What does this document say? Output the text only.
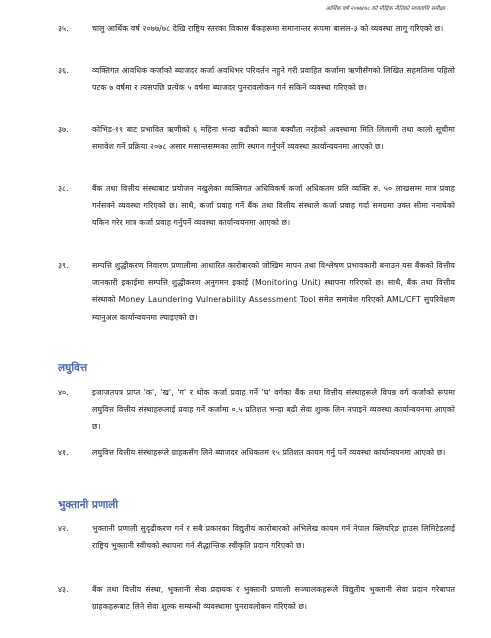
आर्थिक वर्ष २०७७/७८ को मौद्रिक नीतिको मध्यावधि समीक्षा
३५.	चालु आर्थिक वर्ष २०७७/७८ देखि राष्ट्रिय स्तरका विकास बैंकहरूमा समानान्तर रूपमा बासल-३ को व्यवस्था लागू गरिएको छ।
३६.	व्यक्तिगत आवधिक कर्जाको ब्याजदर कर्जा अवधिभर परिवर्तन नहुने गरी प्रवाहित कर्जामा ऋणीसँगको लिखित सहमतिमा पहिलो पटक ७ वर्षमा र त्यसपछि प्रत्येक ५ वर्षमा ब्याजदर पुनरावलोकन गर्न सकिने व्यवस्था गरिएको छ।
३७.	कोभिड-१९ बाट प्रभावित ऋणीको ६ महिना भन्दा बढीको ब्याज बक्यौता नरहेको अवस्थामा मिति लिलामी तथा कालो सूचीमा समावेश गर्ने प्रक्रिया २०७८ असार मसान्तसम्मका लागि स्थगन गर्नुपर्ने व्यवस्था कार्यान्वयनमा आएको छ।
३८.	बैंक तथा वित्तीय संस्थाबाट प्रयोजन नखुलेका व्यक्तिगत अधिविकर्ष कर्जा अधिकतम प्रति व्यक्ति रु. ५० लाखसम्म मात्र प्रवाह गर्नसक्ने व्यवस्था गरिएको छ। साथै, कर्जा प्रवाह गर्ने बैंक तथा वित्तीय संस्थाले कर्जा प्रवाह गर्दा समग्रमा उक्त सीमा ननाघेको यकिन गरेर मात्र कर्जा प्रवाह गर्नुपर्ने व्यवस्था कार्यान्वयनमा आएको छ।
३९.	सम्पत्ति शुद्धीकरण निवारण प्रणालीमा आधारित कारोबारको जोखिम मापन तथा विश्लेषण प्रभावकारी बनाउन यस बैंकको वित्तीय जानकारी इकाईमा सम्पत्ति शुद्धीकरण अनुगमन इकाई (Monitoring Unit) स्थापना गरिएको छ। साथै, बैंक तथा वित्तीय संस्थाको Money Laundering Vulnerability Assessment Tool समेत समावेश गरिएको AML/CFT सुपरिवेक्षण म्यानुअल कार्यान्वयनमा ल्याइएको छ।
लघुवित्त
४०.	इजाजतपत्र प्राप्त 'क', 'ख', 'ग' र थोक कर्जा प्रवाह गर्ने 'घ' वर्गका बैंक तथा वित्तीय संस्थाहरूले विपन्न वर्ग कर्जाको रूपमा लघुवित्त वित्तीय संस्थाहरूलाई प्रवाह गर्ने कर्जामा ०.५ प्रतिशत भन्दा बढी सेवा शुल्क लिन नपाइने व्यवस्था कार्यान्वयनमा आएको छ।
४१.	लघुवित्त वित्तीय संस्थाहरूले ग्राहकसँग लिने ब्याजदर अधिकतम १५ प्रतिशत कायम गर्नु पर्ने व्यवस्था कार्यान्वयनमा आएको छ।
भुक्तानी प्रणाली
४२.	भुक्तानी प्रणाली सुदृढीकरण गर्न र सबै प्रकारका विद्युतीय कारोबारको अभिलेख कायम गर्न नेपाल क्लियरिङ हाउस लिमिटेडलाई राष्ट्रिय भुक्तानी स्वीचको स्थापना गर्न सैद्धान्तिक स्वीकृति प्रदान गरिएको छ।
४३.	बैंक तथा वित्तीय संस्था, भुक्तानी सेवा प्रदायक र भुक्तानी प्रणाली सञ्चालकहरूले विद्युतीय भुक्तानी सेवा प्रदान गरेबापत ग्राहकहरूबाट लिने सेवा शुल्क सम्बन्धी व्यवस्थामा पुनरावलोकन गरिएको छ।
